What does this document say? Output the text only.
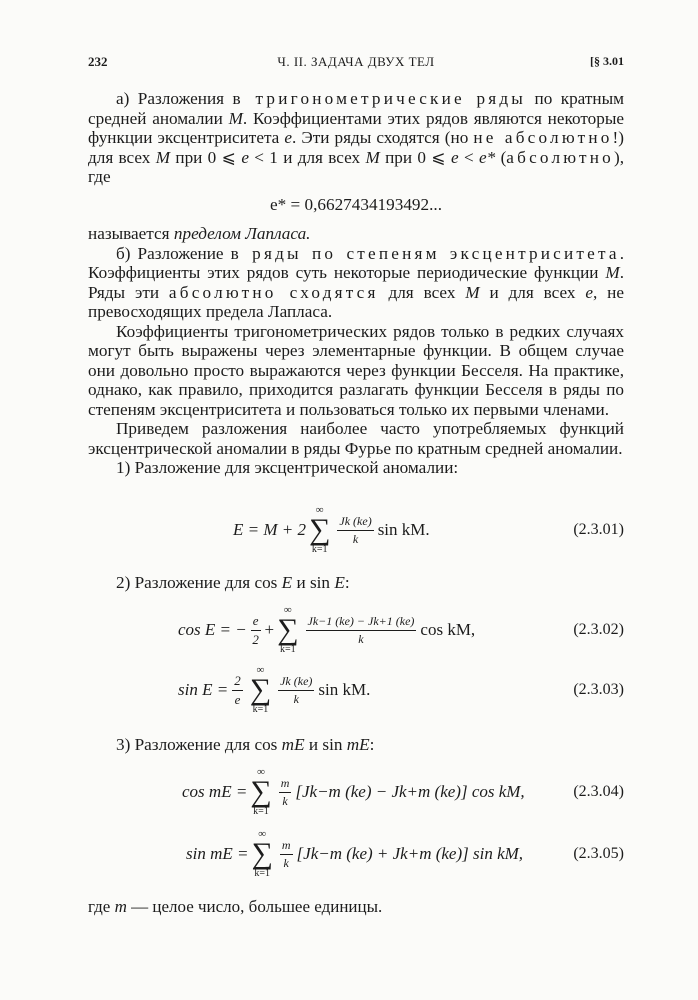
232	Ч. II. ЗАДАЧА ДВУХ ТЕЛ	[§ 3.01

а) Разложения в тригонометрические ряды по кратным средней аномалии M. Коэффициентами этих рядов являются некоторые функции эксцентриситета e. Эти ряды сходятся (но не абсолютно!) для всех M при 0 ⩽ e < 1 и для всех M при 0 ⩽ e < e* (абсолютно), где

e* = 0,6627434193492...

называется пределом Лапласа.

б) Разложение в ряды по степеням эксцентриситета. Коэффициенты этих рядов суть некоторые периодические функции M. Ряды эти абсолютно сходятся для всех M и для всех e, не превосходящих предела Лапласа.

Коэффициенты тригонометрических рядов только в редких случаях могут быть выражены через элементарные функции. В общем случае они довольно просто выражаются через функции Бесселя. На практике, однако, как правило, приходится разлагать функции Бесселя в ряды по степеням эксцентриситета и пользоваться только их первыми членами.

Приведем разложения наиболее часто употребляемых функций эксцентрической аномалии в ряды Фурье по кратным средней аномалии.

1) Разложение для эксцентрической аномалии:

E = M + 2
∞
∑
k=1
$\frac{Jk (ke)}{k}$ sin kM.	(2.3.01)

2) Разложение для cos E и sin E:

cos E = − $\frac{e}{2}$ +
∞
∑
k=1
$\frac{Jk-1 (ke) - Jk+1 (ke)}{k}$ cos kM,	(2.3.02)
$\sin E = \frac{2}{e}$
∞
∑
k=1
$\frac{Jk (ke)}{k}$ sin kM.	(2.3.03)

3) Разложение для cos mE и sin mE:

cos mE =
∞
∑
k=1
$\frac{m}{k} [Jk-m$ (ke) − Jk+m (ke)] cos kM,	(2.3.04)
sin mE =
∞
∑
k=1
$\frac{m}{k} [Jk-m$ (ke) + Jk+m (ke)] sin kM,	(2.3.05)
где m — целое число, большее единицы.
